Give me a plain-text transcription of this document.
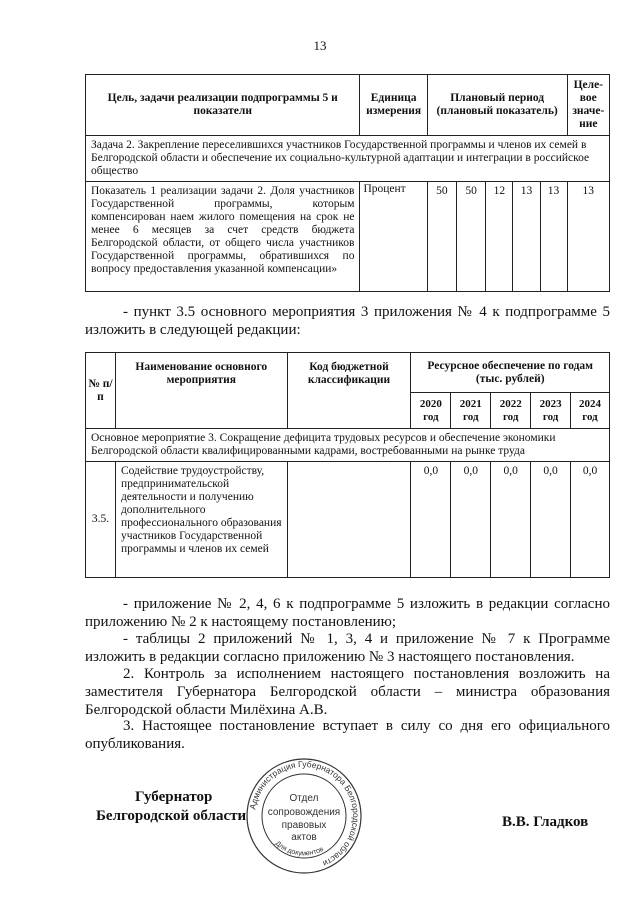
13
Цель, задачи реализации подпрограммы 5 и показатели	Единица измерения	Плановый период (плановый показатель)					Целе-вое значе-ние
Задача 2. Закрепление переселившихся участников Государственной программы и членов их семей в Белгородской области и обеспечение их социально-культурной адаптации и интеграции в российское общество							
Показатель 1 реализации задачи 2. Доля участников Государственной программы, которым компенсирован наем жилого помещения на срок не менее 6 месяцев за счет средств бюджета Белгородской области, от общего числа участников Государственной программы, обратившихся по вопросу предоставления указанной компенсации»	Процент	50	50	12	13	13	13
- пункт 3.5 основного мероприятия 3 приложения № 4 к подпрограмме 5 изложить в следующей редакции:
№ п/п	Наименование основного мероприятия	Код бюджетной классификации	Ресурсное обеспечение по годам (тыс. рублей)				
			2020 год	2021 год	2022 год	2023 год	2024 год
Основное мероприятие 3. Сокращение дефицита трудовых ресурсов и обеспечение экономики Белгородской области квалифицированными кадрами, востребованными на рынке труда							
3.5.	Содействие трудоустройству, предпринимательской деятельности и получению дополнительного профессионального образования участников Государственной программы и членов их семей		0,0	0,0	0,0	0,0	0,0
- приложение № 2, 4, 6 к подпрограмме 5 изложить в редакции согласно приложению № 2 к настоящему постановлению;
- таблицы 2 приложений № 1, 3, 4 и приложение № 7 к Программе изложить в редакции согласно приложению № 3 настоящего постановления.
2. Контроль за исполнением настоящего постановления возложить на заместителя Губернатора Белгородской области – министра образования Белгородской области Милёхина А.В.
3. Настоящее постановление вступает в силу со дня его официального опубликования.
Губернатор
Белгородской области	В.В. Гладков
Администрация Губернатора Белгородской области
Для документов
Отдел
сопровождения
правовых
актов
